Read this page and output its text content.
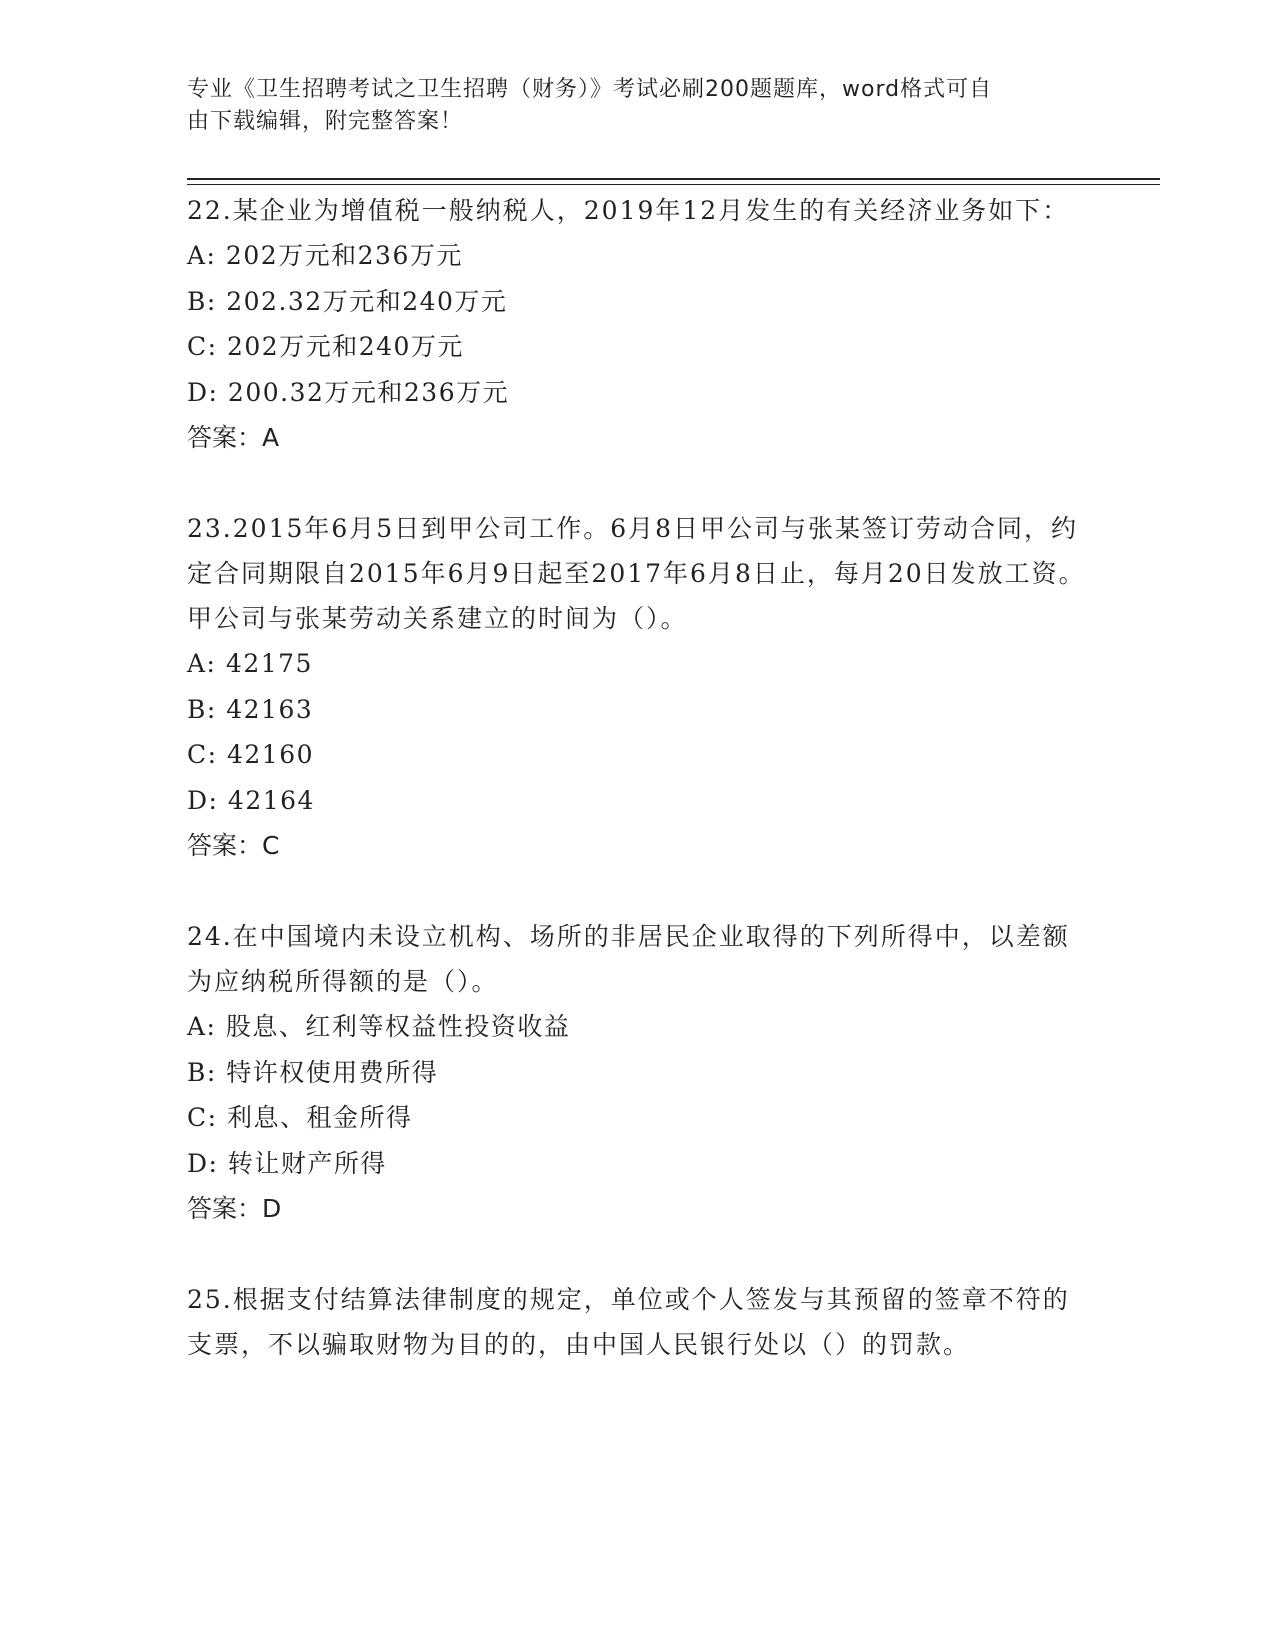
专业《卫生招聘考试之卫生招聘（财务）》考试必刷200题题库，word格式可自
由下载编辑，附完整答案！

22.某企业为增值税一般纳税人，2019年12月发生的有关经济业务如下：

A: 202万元和236万元

B: 202.32万元和240万元

C: 202万元和240万元

D: 200.32万元和236万元

答案：A

23.2015年6月5日到甲公司工作。6月8日甲公司与张某签订劳动合同，约定合同期限自2015年6月9日起至2017年6月8日止，每月20日发放工资。甲公司与张某劳动关系建立的时间为（）。

A: 42175

B: 42163

C: 42160

D: 42164

答案：C

24.在中国境内未设立机构、场所的非居民企业取得的下列所得中，以差额为应纳税所得额的是（）。

A: 股息、红利等权益性投资收益

B: 特许权使用费所得

C: 利息、租金所得

D: 转让财产所得

答案：D

25.根据支付结算法律制度的规定，单位或个人签发与其预留的签章不符的支票，不以骗取财物为目的的，由中国人民银行处以（）的罚款。
